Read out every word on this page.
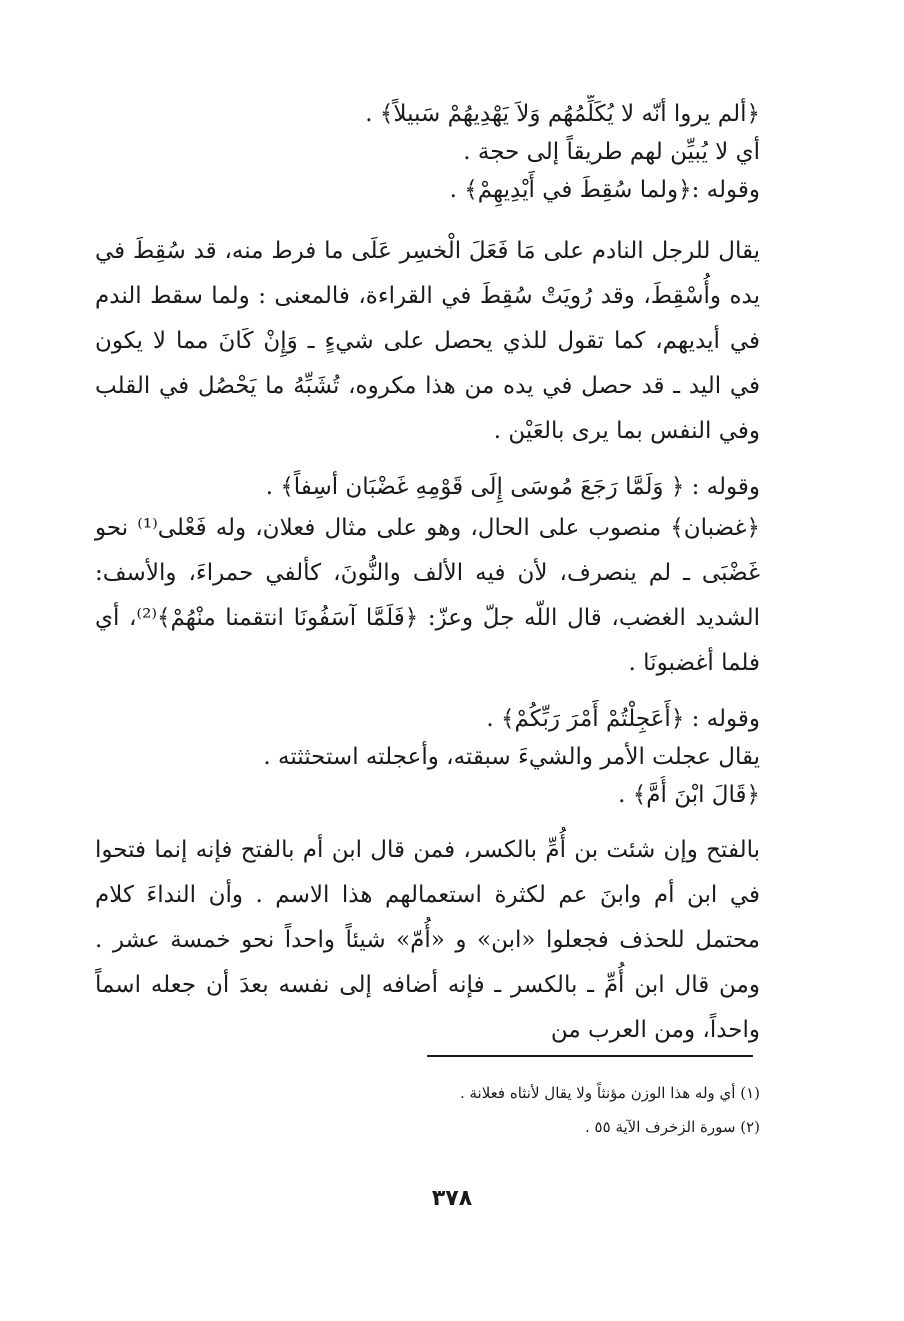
﴿ألم يروا أنّه لا يُكَلِّمُهُم وَلاَ يَهْدِيهُمْ سَبيلاً﴾ .
أي لا يُبيِّن لهم طريقاً إلى حجة .
وقوله :﴿ولما سُقِطَ في أَيْدِيهِمْ﴾ .

يقال للرجل النادم على مَا فَعَلَ الْخسِر عَلَى ما فرط منه، قد سُقِطَ في يده وأُسْقِطَ، وقد رُويَتْ سُقِطَ في القراءة، فالمعنى : ولما سقط الندم في أيديهم، كما تقول للذي يحصل على شيءٍ ـ وَإِنْ كَانَ مما لا يكون في اليد ـ قد حصل في يده من هذا مكروه، تُشَبِّهُ ما يَحْصُل في القلب وفي النفس بما يرى بالعَيْن .

وقوله : ﴿ وَلَمَّا رَجَعَ مُوسَى إِلَى قَوْمِهِ غَضْبَان أسِفاً﴾ .

﴿غضبان﴾ منصوب على الحال، وهو على مثال فعلان، وله فَعْلى⁽¹⁾ نحو غَضْبَى ـ لم ينصرف، لأن فيه الألف والنُّونَ، كألفي حمراءَ، والأسف: الشديد الغضب، قال اللّه جلّ وعزّ: ﴿فَلَمَّا آسَفُونَا انتقمنا منْهُمْ﴾⁽²⁾، أي فلما أغضبونَا .

وقوله : ﴿أَعَجِلْتُمْ أَمْرَ رَبِّكُمْ﴾ .
يقال عجلت الأمر والشيءَ سبقته، وأعجلته استحثثته .
﴿قَالَ ابْنَ أُمَّ﴾ .

بالفتح وإن شئت بن أُمِّ بالكسر، فمن قال ابن أم بالفتح فإنه إنما فتحوا في ابن أم وابنَ عم لكثرة استعمالهم هذا الاسم . وأن النداءَ كلام محتمل للحذف فجعلوا «ابن» و «أُمّ» شيئاً واحداً نحو خمسة عشر . ومن قال ابن أُمِّ ـ بالكسر ـ فإنه أضافه إلى نفسه بعدَ أن جعله اسماً واحداً، ومن العرب من

(١) أي وله هذا الوزن مؤنثاً ولا يقال لأنثاه فعلانة .
(٢) سورة الزخرف الآية ٥٥ .
٣٧٨
